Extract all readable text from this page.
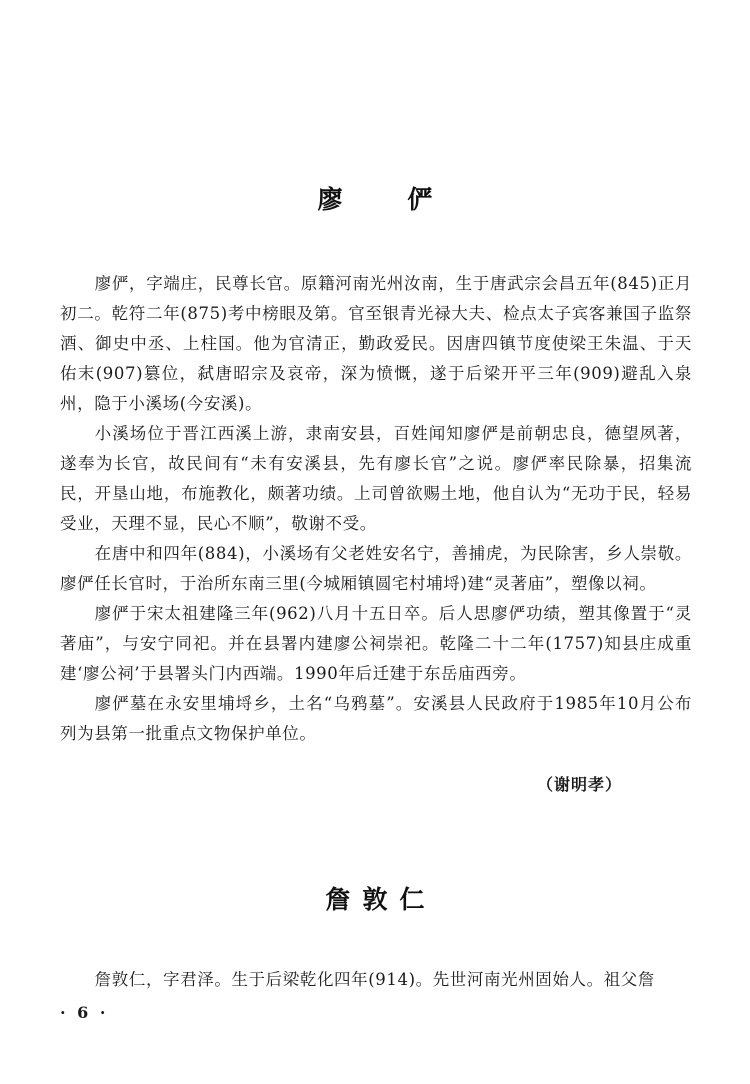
廖 俨

廖俨，字端庄，民尊长官。原籍河南光州汝南，生于唐武宗会昌五年(845)正月初二。乾符二年(875)考中榜眼及第。官至银青光禄大夫、检点太子宾客兼国子监祭酒、御史中丞、上柱国。他为官清正，勤政爱民。因唐四镇节度使梁王朱温、于天佑末(907)篡位，弑唐昭宗及哀帝，深为愤慨，遂于后梁开平三年(909)避乱入泉州，隐于小溪场(今安溪)。

小溪场位于晋江西溪上游，隶南安县，百姓闻知廖俨是前朝忠良，德望夙著，遂奉为长官，故民间有“未有安溪县，先有廖长官”之说。廖俨率民除暴，招集流民，开垦山地，布施教化，颇著功绩。上司曾欲赐土地，他自认为“无功于民，轻易受业，天理不显，民心不顺”，敬谢不受。

在唐中和四年(884)，小溪场有父老姓安名宁，善捕虎，为民除害，乡人崇敬。廖俨任长官时，于治所东南三里(今城厢镇圆宅村埔埒)建“灵著庙”，塑像以祠。

廖俨于宋太祖建隆三年(962)八月十五日卒。后人思廖俨功绩，塑其像置于“灵著庙”，与安宁同祀。并在县署内建廖公祠崇祀。乾隆二十二年(1757)知县庄成重建‘廖公祠’于县署头门内西端。1990年后迁建于东岳庙西旁。

廖俨墓在永安里埔埒乡，土名“乌鸦墓”。安溪县人民政府于1985年10月公布列为县第一批重点文物保护单位。

（谢明孝）
詹敦仁

詹敦仁，字君泽。生于后梁乾化四年(914)。先世河南光州固始人。祖父詹

· 6 ·
